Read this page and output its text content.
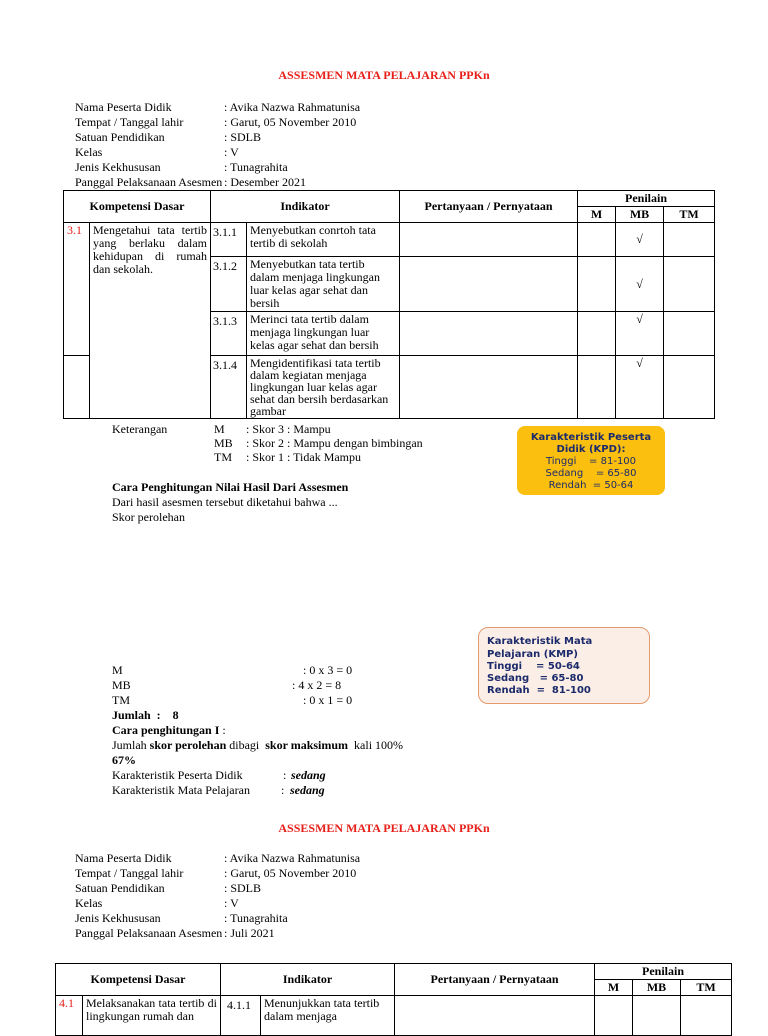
ASSESMEN MATA PELAJARAN PPKn
Nama Peserta Didik	: Avika Nazwa Rahmatunisa
Tempat / Tanggal lahir	: Garut, 05 November 2010
Satuan Pendidikan	: SDLB
Kelas	: V
Jenis Kekhususan	: Tunagrahita
Panggal Pelaksanaan Asesmen : Desember 2021
Kompetensi Dasar		Indikator		Pertanyaan / Pernyataan	Penilain		
					M	MB	TM
3.1	Mengetahui tata tertib yang berlaku dalam kehidupan di rumah dan sekolah.	3.1.1	Menyebutkan conrtoh tata tertib di sekolah			√	
		3.1.2	Menyebutkan tata tertib dalam menjaga lingkungan luar kelas agar sehat dan bersih			√	
		3.1.3	Merinci tata tertib dalam menjaga lingkungan luar kelas agar sehat dan bersih			√	
		3.1.4	Mengidentifikasi tata tertib dalam kegiatan menjaga lingkungan luar kelas agar sehat dan bersih berdasarkan gambar			√	
Keterangan	M : Skor 3 : Mampu
MB : Skor 2 : Mampu dengan bimbingan
TM : Skor 1 : Tidak Mampu
Karakteristik Peserta Didik (KPD):
Tinggi    = 81-100
Sedang    = 65-80
Rendah  = 50-64
Cara Penghitungan Nilai Hasil Dari Assesmen
Dari hasil asesmen tersebut diketahui bahwa ...
Skor perolehan
Karakteristik Mata Pelajaran (KMP)
Tinggi    = 50-64
Sedang   = 65-80
Rendah  =  81-100
M	: 0 x 3 = 0
MB	: 4 x 2 = 8
TM	: 0 x 1 = 0
Jumlah  :    8
Cara penghitungan I :
Jumlah skor perolehan dibagi  skor maksimum  kali 100%
67%
Karakteristik Peserta Didik	: sedang
Karakteristik Mata Pelajaran	: sedang
ASSESMEN MATA PELAJARAN PPKn
Nama Peserta Didik	: Avika Nazwa Rahmatunisa
Tempat / Tanggal lahir	: Garut, 05 November 2010
Satuan Pendidikan	: SDLB
Kelas	: V
Jenis Kekhususan	: Tunagrahita
Panggal Pelaksanaan Asesmen : Juli 2021
Kompetensi Dasar		Indikator		Pertanyaan / Pernyataan	Penilain		
					M	MB	TM
4.1	Melaksanakan tata tertib di lingkungan rumah dan	4.1.1	Menunjukkan tata tertib dalam menjaga				
